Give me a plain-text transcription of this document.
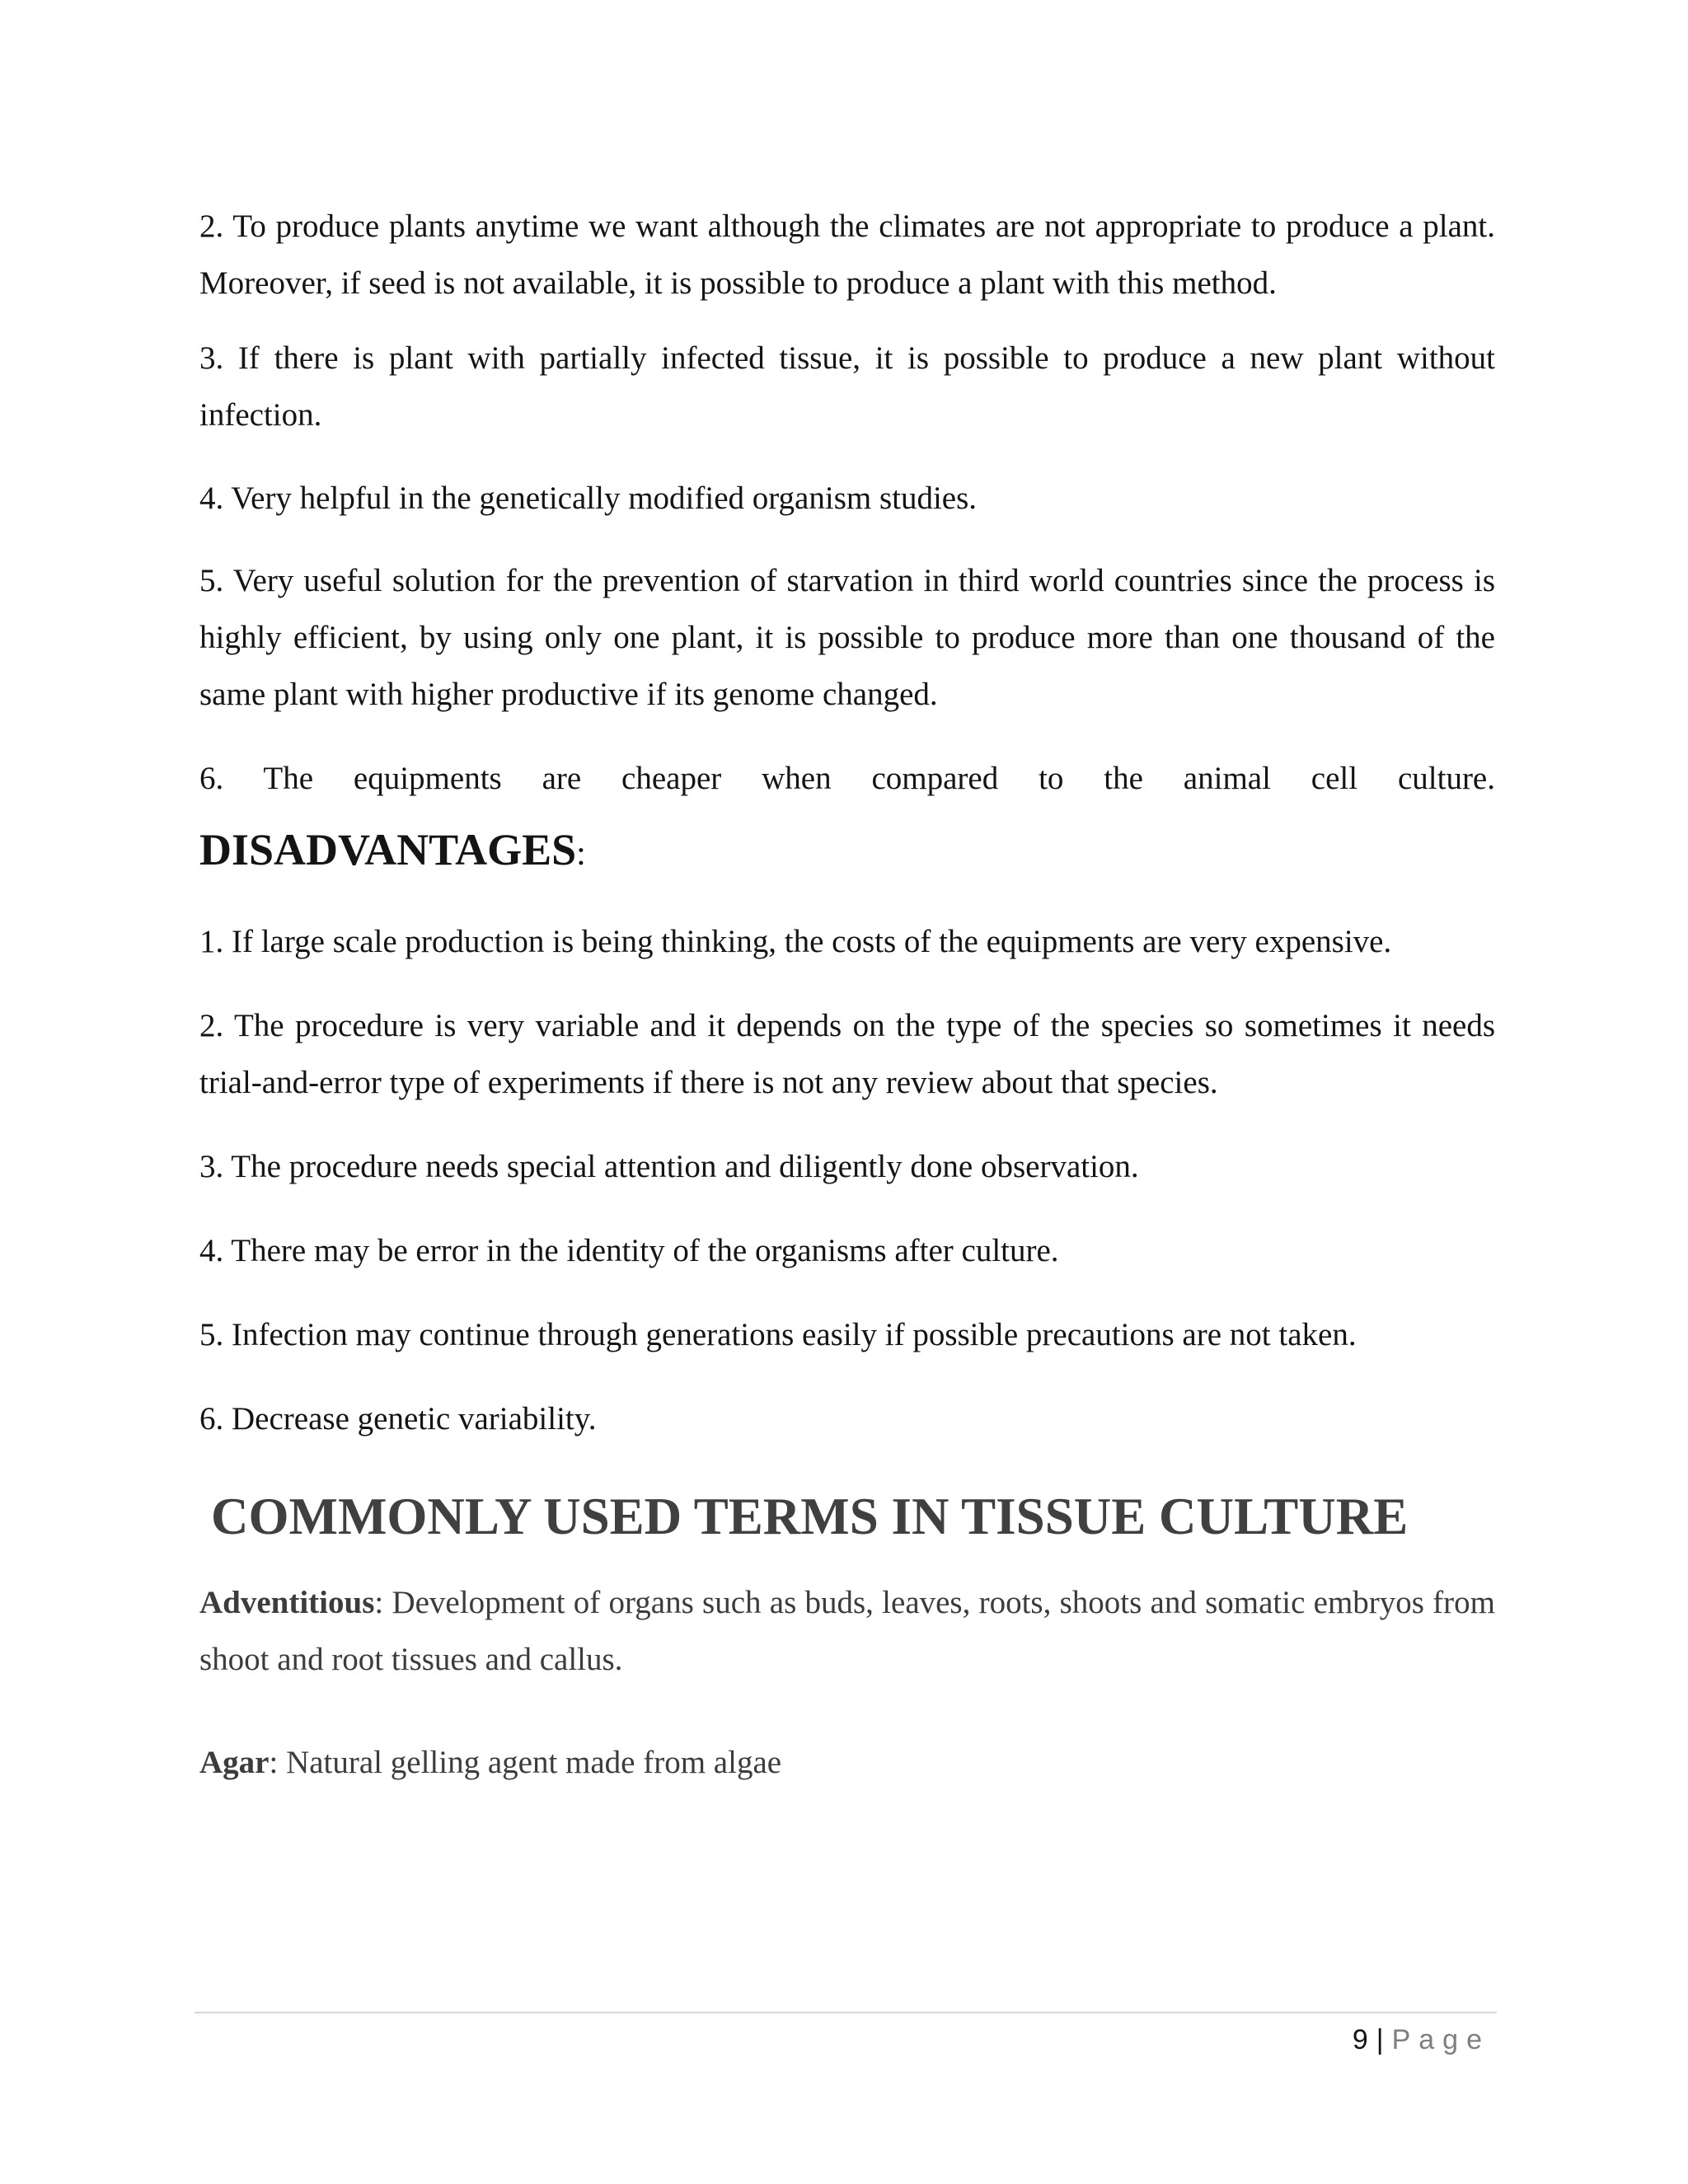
2. To produce plants anytime we want although the climates are not appropriate to produce a plant. Moreover, if seed is not available, it is possible to produce a plant with this method.
3. If there is plant with partially infected tissue, it is possible to produce a new plant without infection.
4. Very helpful in the genetically modified organism studies.
5. Very useful solution for the prevention of starvation in third world countries since the process is highly efficient, by using only one plant, it is possible to produce more than one thousand of the same plant with higher productive if its genome changed.
6. The equipments are cheaper when compared to the animal cell culture.
DISADVANTAGES:
1. If large scale production is being thinking, the costs of the equipments are very expensive.
2. The procedure is very variable and it depends on the type of the species so sometimes it needs trial-and-error type of experiments if there is not any review about that species.
3. The procedure needs special attention and diligently done observation.
4. There may be error in the identity of the organisms after culture.
5. Infection may continue through generations easily if possible precautions are not taken.
6. Decrease genetic variability.
COMMONLY USED TERMS IN TISSUE CULTURE
Adventitious: Development of organs such as buds, leaves, roots, shoots and somatic embryos from shoot and root tissues and callus.
Agar: Natural gelling agent made from algae
9 | Page
